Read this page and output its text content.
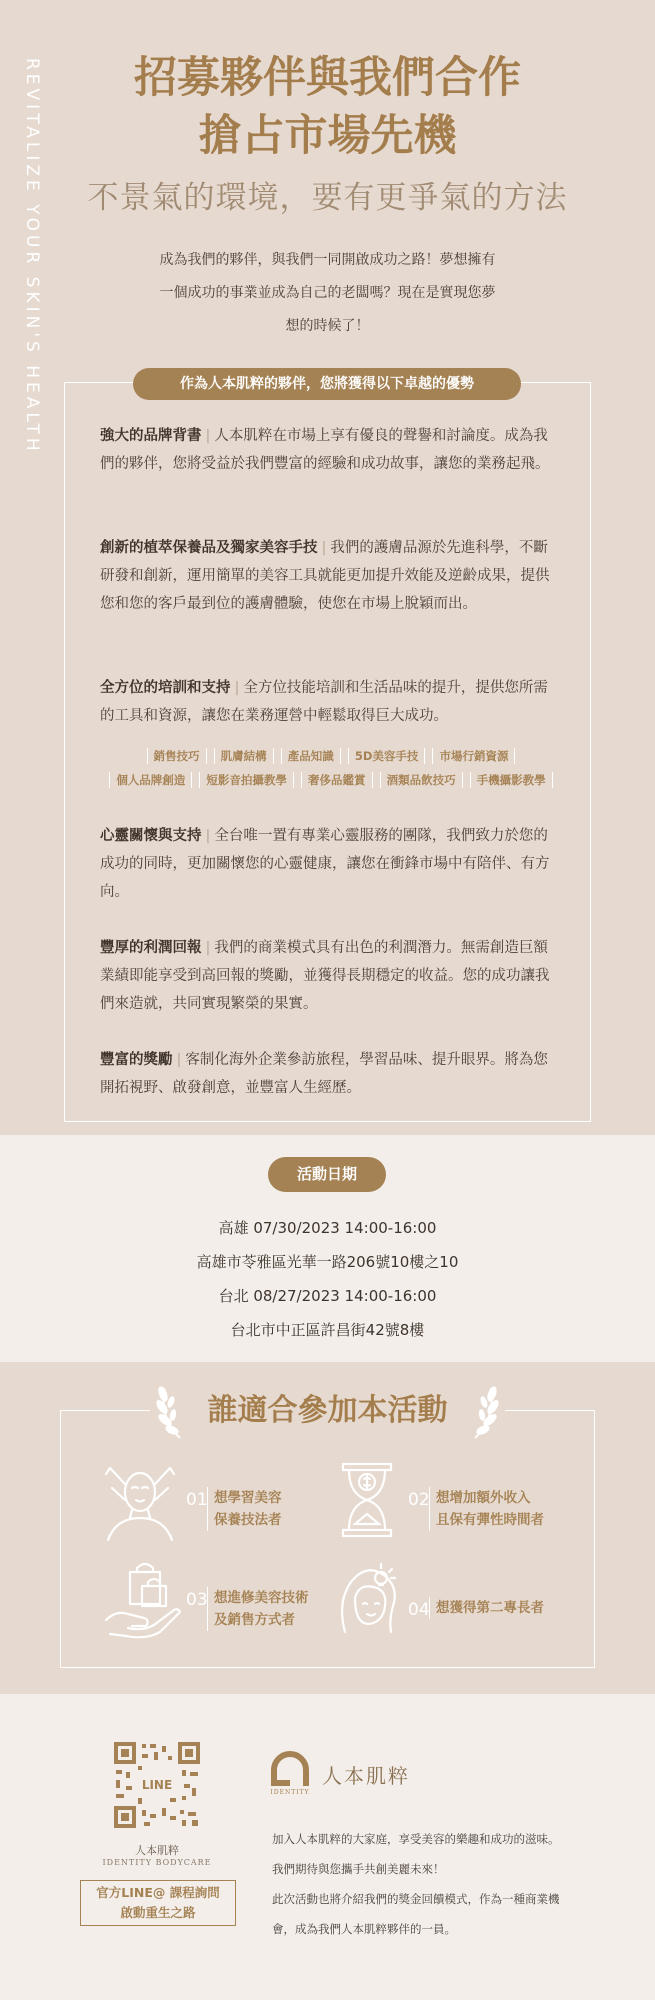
REVITALIZE YOUR SKIN'S HEALTH	招募夥伴與我們合作
搶占市場先機
不景氣的環境，要有更爭氣的方法
成為我們的夥伴，與我們一同開啟成功之路！夢想擁有
一個成功的事業並成為自己的老闆嗎？現在是實現您夢
想的時候了！
作為人本肌粹的夥伴，您將獲得以下卓越的優勢
強大的品牌背書 | 人本肌粹在市場上享有優良的聲譽和討論度。成為我們的夥伴，您將受益於我們豐富的經驗和成功故事，讓您的業務起飛。
創新的植萃保養品及獨家美容手技 | 我們的護膚品源於先進科學，不斷研發和創新，運用簡單的美容工具就能更加提升效能及逆齡成果，提供您和您的客戶最到位的護膚體驗，使您在市場上脫穎而出。
全方位的培訓和支持 | 全方位技能培訓和生活品味的提升，提供您所需的工具和資源，讓您在業務運營中輕鬆取得巨大成功。
銷售技巧 肌膚結構 產品知識 5D美容手技 市場行銷資源
個人品牌創造 短影音拍攝教學 奢侈品鑑賞 酒類品飲技巧 手機攝影教學
心靈關懷與支持 | 全台唯一置有專業心靈服務的團隊，我們致力於您的成功的同時，更加關懷您的心靈健康，讓您在衝鋒市場中有陪伴、有方向。
豐厚的利潤回報 | 我們的商業模式具有出色的利潤潛力。無需創造巨額業績即能享受到高回報的獎勵，並獲得長期穩定的收益。您的成功讓我們來造就，共同實現繁榮的果實。
豐富的獎勵 | 客制化海外企業參訪旅程，學習品味、提升眼界。將為您開拓視野、啟發創意，並豐富人生經歷。
活動日期
高雄 07/30/2023 14:00-16:00
高雄市苓雅區光華一路206號10樓之10
台北 08/27/2023 14:00-16:00
台北市中正區許昌街42號8樓
誰適合參加本活動
01 想學習美容
保養技法者
02 想增加額外收入
且保有彈性時間者
03 想進修美容技術
及銷售方式者	04 想獲得第二專長者
LINE
人本肌粹
IDENTITY BODYCARE
官方LINE@ 課程詢問
啟動重生之路
IDENTITY
人本肌粹
加入人本肌粹的大家庭，享受美容的樂趣和成功的滋味。
我們期待與您攜手共創美麗未來！
此次活動也將介紹我們的獎金回饋模式，作為一種商業機
會，成為我們人本肌粹夥伴的一員。
